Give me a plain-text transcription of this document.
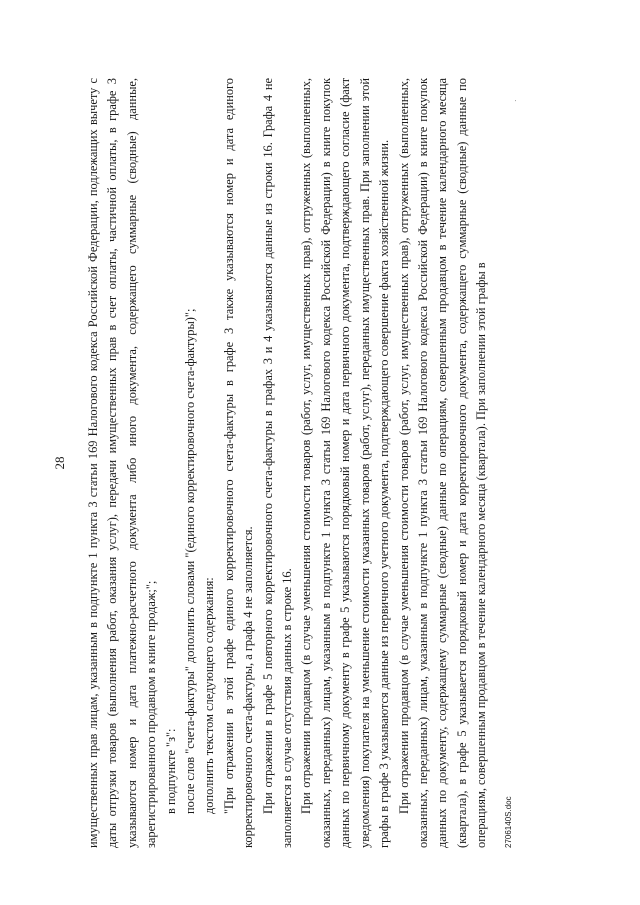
28 имущественных прав лицам, указанным в подпункте 1 пункта 3 статьи 169 Налогового кодекса Российской Федерации, подлежащих вычету с даты отгрузки товаров (выполнения работ, оказания услуг), передачи имущественных прав в счет оплаты, частичной оплаты, в графе 3 указываются номер и дата платежно-расчетного документа либо иного документа, содержащего суммарные (сводные) данные, зарегистрированного продавцом в книге продаж;"; в подпункте "з": после слов "счета-фактуры" дополнить словами "(единого корректировочного счета-фактуры)"; дополнить текстом следующего содержания: "При отражении в этой графе единого корректировочного счета-фактуры в графе 3 также указываются номер и дата единого корректировочного счета-фактуры, а графа 4 не заполняется. При отражении в графе 5 повторного корректировочного счета-фактуры в графах 3 и 4 указываются данные из строки 16. Графа 4 не заполняется в случае отсутствия данных в строке 16. При отражении продавцом (в случае уменьшения стоимости товаров (работ, услуг, имущественных прав), отгруженных (выполненных, оказанных, переданных) лицам, указанным в подпункте 1 пункта 3 статьи 169 Налогового кодекса Российской Федерации) в книге покупок данных по первичному документу в графе 5 указываются порядковый номер и дата первичного документа, подтверждающего согласие (факт уведомления) покупателя на уменьшение стоимости указанных товаров (работ, услуг), переданных имущественных прав. При заполнении этой графы в графе 3 указываются данные из первичного учетного документа, подтверждающего совершение факта хозяйственной жизни. При отражении продавцом (в случае уменьшения стоимости товаров (работ, услуг, имущественных прав), отгруженных (выполненных, оказанных, переданных) лицам, указанным в подпункте 1 пункта 3 статьи 169 Налогового кодекса Российской Федерации) в книге покупок данных по документу, содержащему суммарные (сводные) данные по операциям, совершенным продавцом в течение календарного месяца (квартала), в графе 5 указывается порядковый номер и дата корректировочного документа, содержащего суммарные (сводные) данные по операциям, совершенным продавцом в течение календарного месяца (квартала). При заполнении этой графы в	2706140S.doc
.
